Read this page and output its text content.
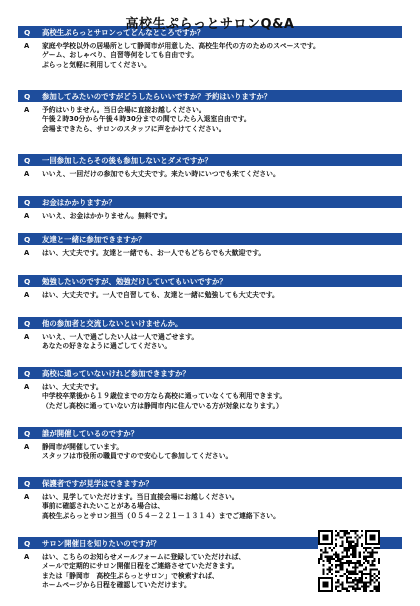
高校生ぷらっとサロンQ&A
Q	高校生ぷらっとサロンってどんなところですか？
A	家庭や学校以外の居場所として静岡市が用意した、高校生年代の方のためのスペースです。
ゲーム、おしゃべり、自習等何をしても自由です。
ぷらっと気軽に利用してください。
Q	参加してみたいのですがどうしたらいいですか？予約はいりますか？
A	予約はいりません。当日会場に直接お越しください。
午後２時30分から午後４時30分までの間でしたら入退室自由です。
会場まできたら、サロンのスタッフに声をかけてください。
Q	一回参加したらその後も参加しないとダメですか？
A	いいえ、一回だけの参加でも大丈夫です。来たい時にいつでも来てください。
Q	お金はかかりますか？
A	いいえ、お金はかかりません。無料です。
Q	友達と一緒に参加できますか？
A	はい、大丈夫です。友達と一緒でも、お一人でもどちらでも大歓迎です。
Q	勉強したいのですが、勉強だけしていてもいいですか？
A	はい、大丈夫です。一人で自習しても、友達と一緒に勉強しても大丈夫です。
Q	他の参加者と交流しないといけませんか。
A	いいえ、一人で過ごしたい人は一人で過ごせます。
あなたの好きなように過ごしてください。
Q	高校に通っていないけれど参加できますか？
A	はい、大丈夫です。
中学校卒業後から１９歳位までの方なら高校に通っていなくても利用できます。
（ただし高校に通っていない方は静岡市内に住んでいる方が対象になります。）
Q	誰が開催しているのですか？
A	静岡市が開催しています。
スタッフは市役所の職員ですので安心して参加してください。
Q	保護者ですが見学はできますか？
A	はい、見学していただけます。当日直接会場にお越しください。
事前に確認されたいことがある場合は、
高校生ぷらっとサロン担当（０５４－２２１－１３１４）までご連絡下さい。
Q	サロン開催日を知りたいのですが？
A	はい、こちらのお知らせメールフォームに登録していただければ、
メールで定期的にサロン開催日程をご連絡させていただきます。
または「静岡市　高校生ぷらっとサロン」で検索すれば、
ホームページから日程を確認していただけます。
